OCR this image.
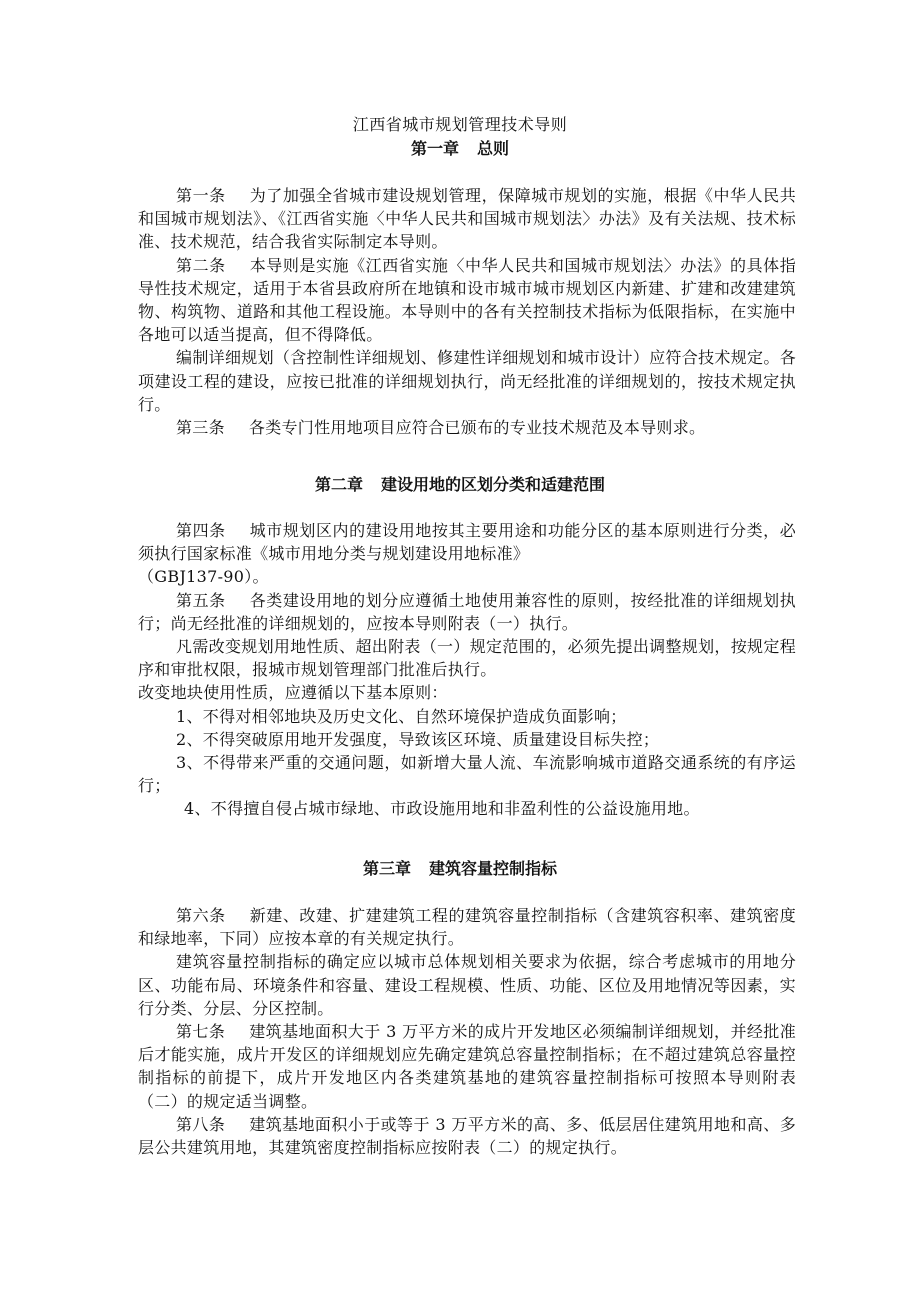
江西省城市规划管理技术导则
第一章 总则

第一条 为了加强全省城市建设规划管理，保障城市规划的实施，根据《中华人民共和国城市规划法》、《江西省实施〈中华人民共和国城市规划法〉办法》及有关法规、技术标准、技术规范，结合我省实际制定本导则。

第二条 本导则是实施《江西省实施〈中华人民共和国城市规划法〉办法》的具体指导性技术规定，适用于本省县政府所在地镇和设市城市城市规划区内新建、扩建和改建建筑物、构筑物、道路和其他工程设施。本导则中的各有关控制技术指标为低限指标，在实施中各地可以适当提高，但不得降低。

编制详细规划（含控制性详细规划、修建性详细规划和城市设计）应符合技术规定。各项建设工程的建设，应按已批准的详细规划执行，尚无经批准的详细规划的，按技术规定执行。

第三条 各类专门性用地项目应符合已颁布的专业技术规范及本导则求。

第二章 建设用地的区划分类和适建范围

第四条 城市规划区内的建设用地按其主要用途和功能分区的基本原则进行分类，必须执行国家标准《城市用地分类与规划建设用地标准》

（GBJ137-90）。

第五条 各类建设用地的划分应遵循土地使用兼容性的原则，按经批准的详细规划执行；尚无经批准的详细规划的，应按本导则附表（一）执行。

凡需改变规划用地性质、超出附表（一）规定范围的，必须先提出调整规划，按规定程序和审批权限，报城市规划管理部门批准后执行。

改变地块使用性质，应遵循以下基本原则：

1、不得对相邻地块及历史文化、自然环境保护造成负面影响；

2、不得突破原用地开发强度，导致该区环境、质量建设目标失控；

3、不得带来严重的交通问题，如新增大量人流、车流影响城市道路交通系统的有序运行；

4、不得擅自侵占城市绿地、市政设施用地和非盈利性的公益设施用地。

第三章 建筑容量控制指标

第六条 新建、改建、扩建建筑工程的建筑容量控制指标（含建筑容积率、建筑密度和绿地率，下同）应按本章的有关规定执行。

建筑容量控制指标的确定应以城市总体规划相关要求为依据，综合考虑城市的用地分区、功能布局、环境条件和容量、建设工程规模、性质、功能、区位及用地情况等因素，实行分类、分层、分区控制。

第七条 建筑基地面积大于 3 万平方米的成片开发地区必须编制详细规划，并经批准后才能实施，成片开发区的详细规划应先确定建筑总容量控制指标；在不超过建筑总容量控制指标的前提下，成片开发地区内各类建筑基地的建筑容量控制指标可按照本导则附表（二）的规定适当调整。

第八条 建筑基地面积小于或等于 3 万平方米的高、多、低层居住建筑用地和高、多层公共建筑用地，其建筑密度控制指标应按附表（二）的规定执行。
